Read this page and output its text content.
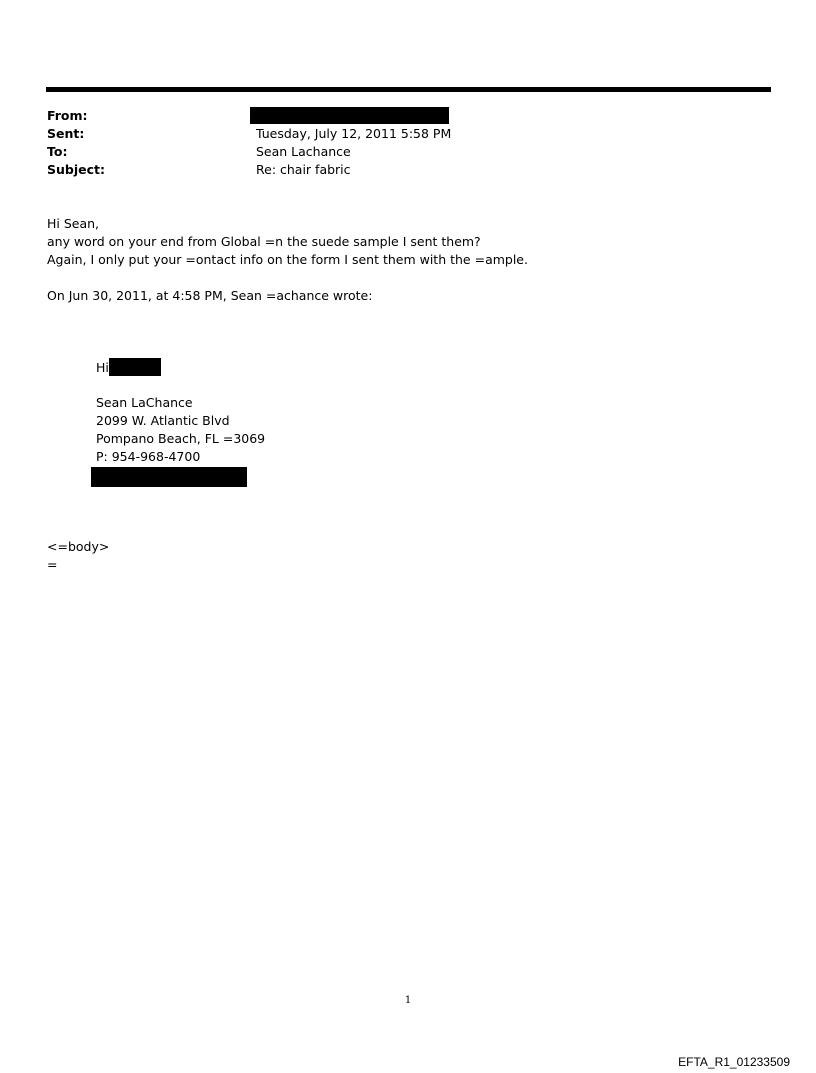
From:
Sent:	Tuesday, July 12, 2011 5:58 PM
To:	Sean Lachance
Subject:	Re: chair fabric
Hi Sean,
any word on your end from Global =n the suede sample I sent them?
Again, I only put your =ontact info on the form I sent them with the =ample.
On Jun 30, 2011, at 4:58 PM, Sean =achance wrote:
Hi
Sean LaChance
2099 W. Atlantic Blvd
Pompano Beach, FL =3069
P: 954-968-4700
<=body>
=
1
EFTA_R1_01233509
